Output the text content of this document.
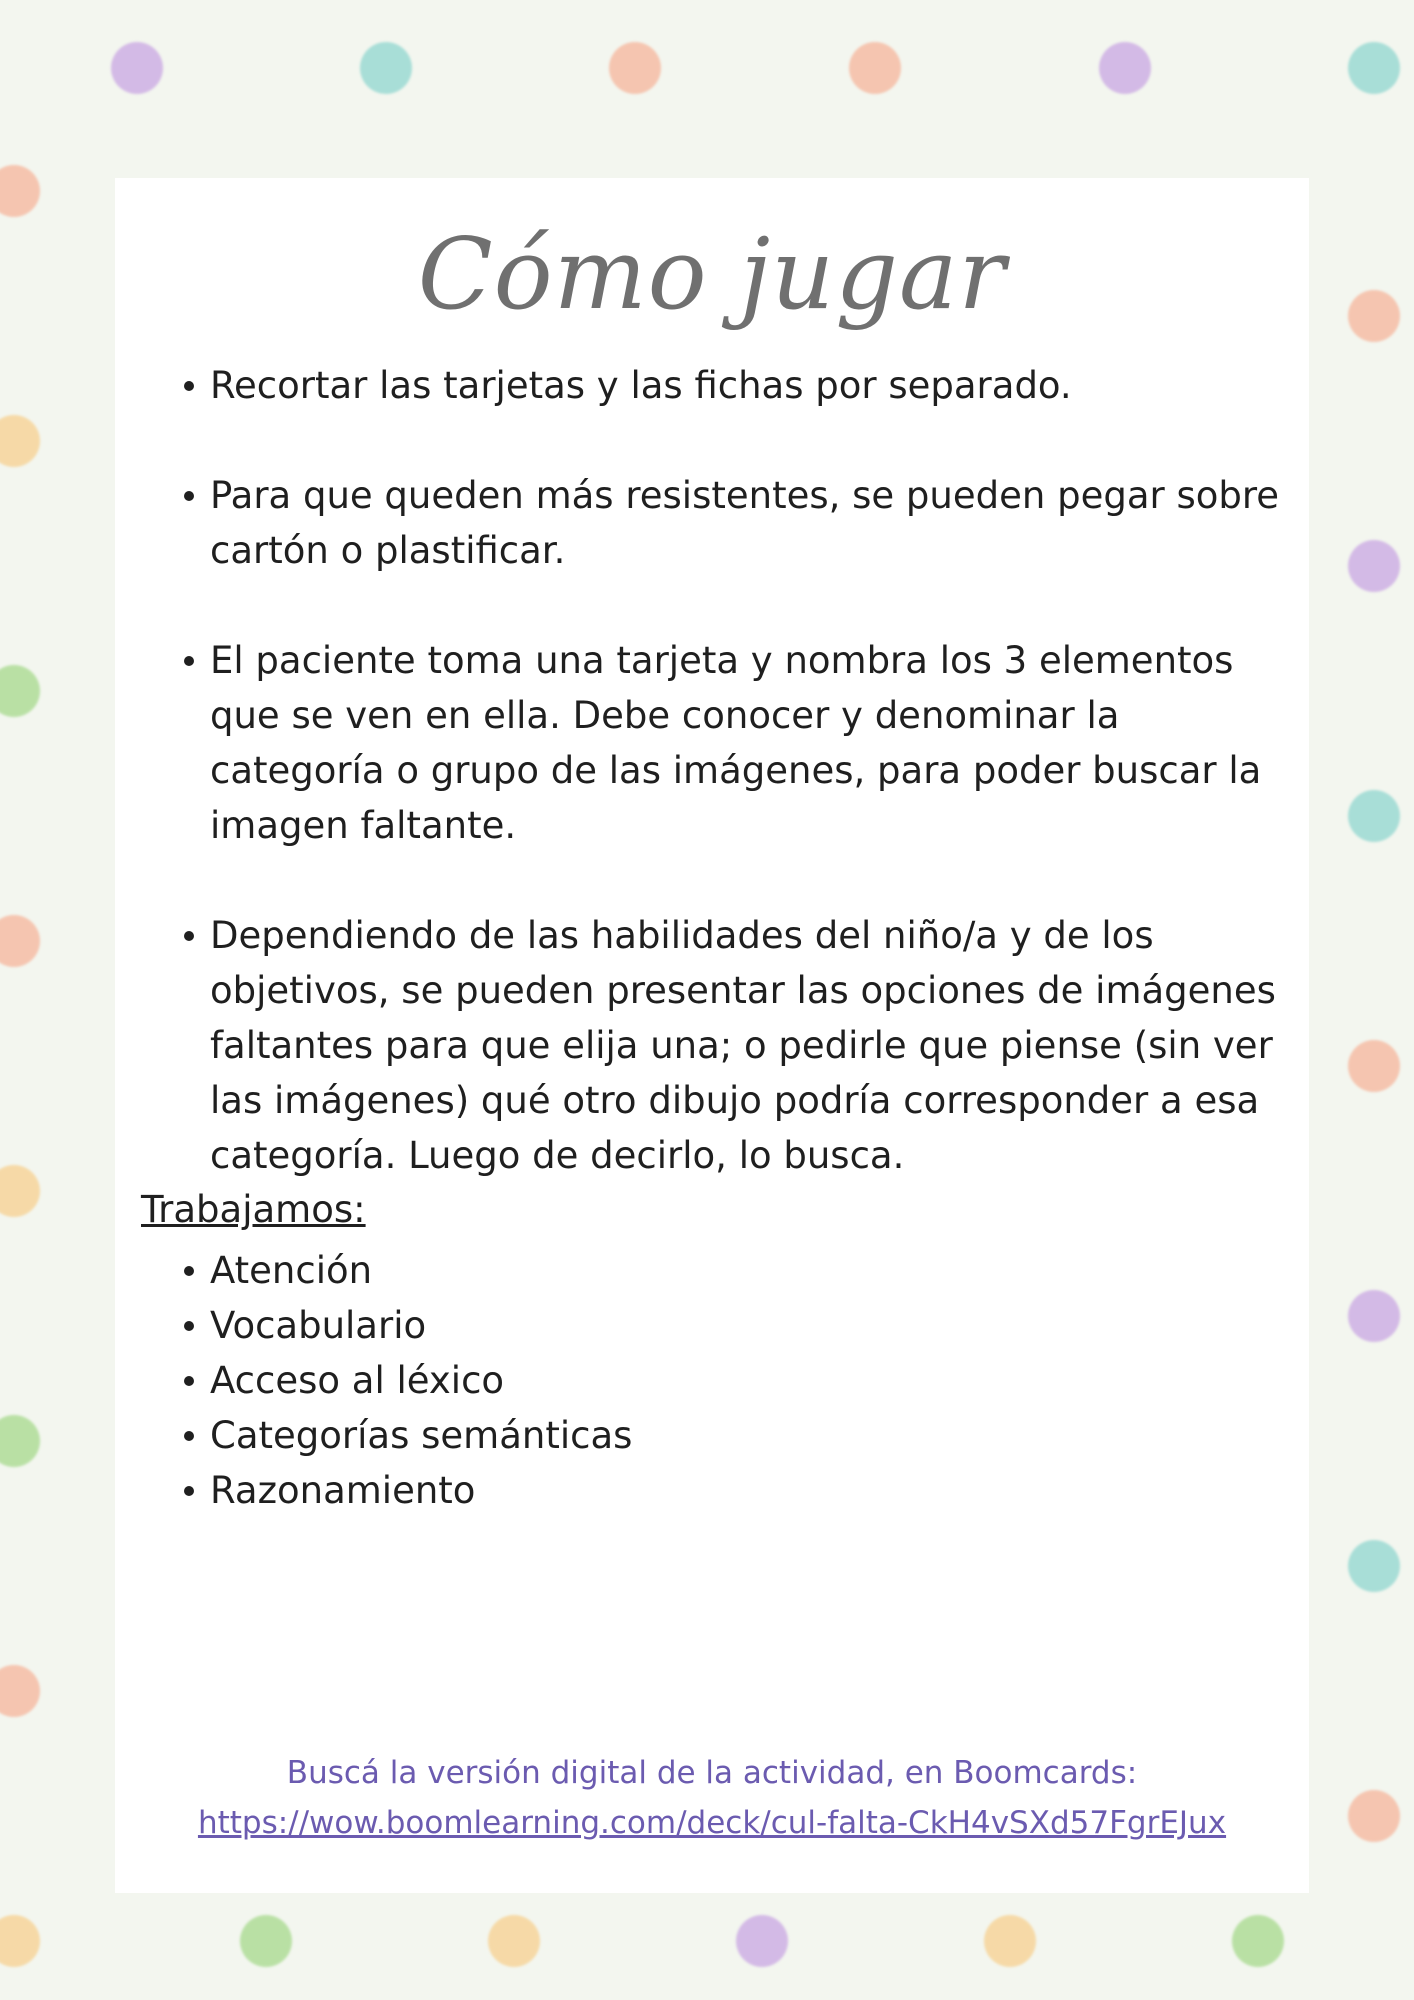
Cómo jugar
Recortar las tarjetas y las fichas por separado.
Para que queden más resistentes, se pueden pegar sobre cartón o plastificar.
El paciente toma una tarjeta y nombra los 3 elementos que se ven en ella. Debe conocer y denominar la categoría o grupo de las imágenes, para poder buscar la imagen faltante.
Dependiendo de las habilidades del niño/a y de los objetivos, se pueden presentar las opciones de imágenes faltantes para que elija una; o pedirle que piense (sin ver las imágenes) qué otro dibujo podría corresponder a esa categoría. Luego de decirlo, lo busca.
Trabajamos:
Atención
Vocabulario
Acceso al léxico
Categorías semánticas
Razonamiento
Buscá la versión digital de la actividad, en Boomcards:
https://wow.boomlearning.com/deck/cul-falta-CkH4vSXd57FgrEJux
